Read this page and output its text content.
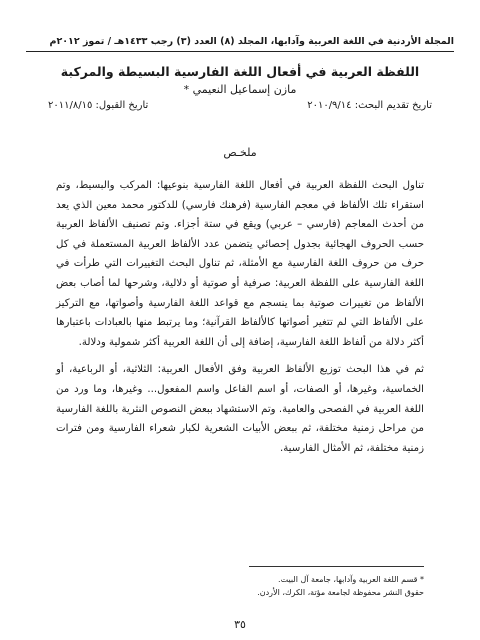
المجلة الأردنية في اللغة العربية وآدابها، المجلد (٨) العدد (٣) رجب ١٤٣٣هـ / تموز ٢٠١٢م
اللفظة العربية في أفعال اللغة الفارسية البسيطة والمركبة
مازن إسماعيل النعيمي *
تاريخ تقديم البحث: ٢٠١٠/٩/١٤
تاريخ القبول: ٢٠١١/٨/١٥
ملخـص

تناول البحث اللفظة العربية في أفعال اللغة الفارسية بنوعيها: المركب والبسيط، وتم استقراء تلك الألفاظ في معجم الفارسية (فرهنك فارسي) للدكتور محمد معين الذي يعد من أحدث المعاجم (فارسي – عربي) ويقع في ستة أجزاء. وتم تصنيف الألفاظ العربية حسب الحروف الهجائية بجدول إحصائي يتضمن عدد الألفاظ العربية المستعملة في كل حرف من حروف اللغة الفارسية مع الأمثلة، ثم تناول البحث التغييرات التي طرأت في اللغة الفارسية على اللفظة العربية: صرفية أو صوتية أو دلالية، وشرحها لما أصاب بعض الألفاظ من تغييرات صوتية بما ينسجم مع قواعد اللغة الفارسية وأصواتها، مع التركيز على الألفاظ التي لم تتغير أصواتها كالألفاظ القرآنية؛ وما يرتبط منها بالعبادات باعتبارها أكثر دلالة من ألفاظ اللغة الفارسية، إضافة إلى أن اللغة العربية أكثر شمولية ودلالة.

ثم في هذا البحث توزيع الألفاظ العربية وفق الأفعال العربية: الثلاثية، أو الرباعية، أو الخماسية، وغيرها، أو الصفات، أو اسم الفاعل واسم المفعول... وغيرها، وما ورد من اللغة العربية في الفصحى والعامية. وتم الاستشهاد ببعض النصوص النثرية باللغة الفارسية من مراحل زمنية مختلفة، ثم ببعض الأبيات الشعرية لكبار شعراء الفارسية ومن فترات زمنية مختلفة، ثم الأمثال الفارسية.

* قسم اللغة العربية وآدابها، جامعة آل البيت.
حقوق النشر محفوظة لجامعة مؤتة، الكرك، الأردن.
٣٥
